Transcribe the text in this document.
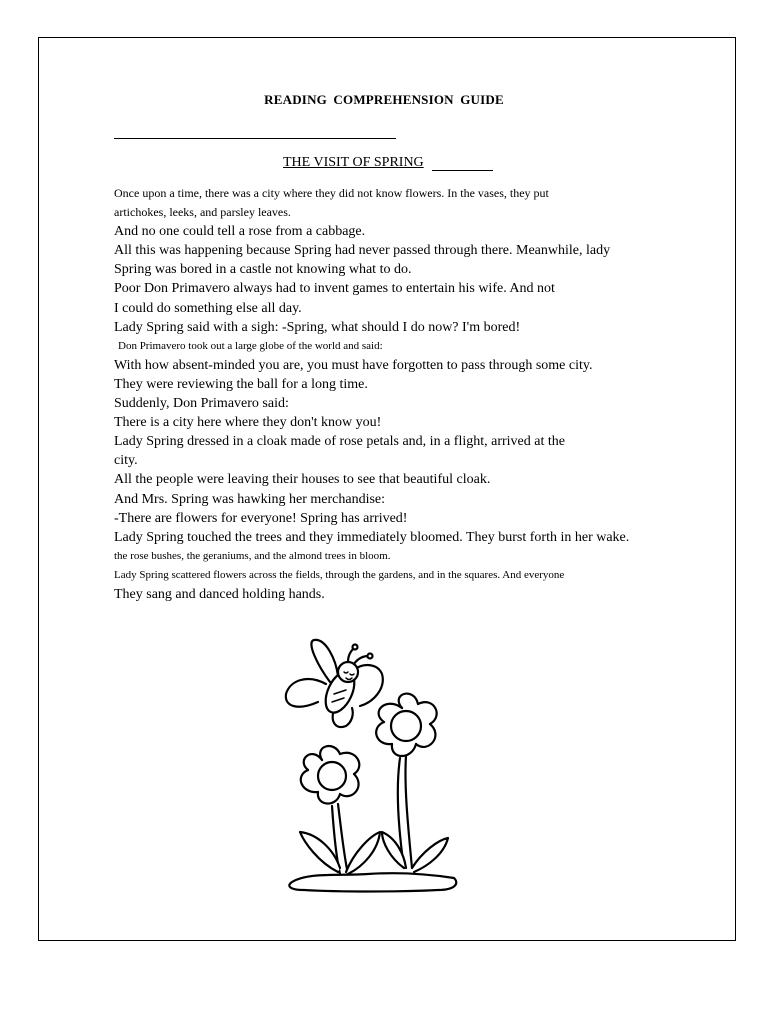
READING COMPREHENSION GUIDE
THE VISIT OF SPRING
Once upon a time, there was a city where they did not know flowers. In the vases, they put
artichokes, leeks, and parsley leaves.
And no one could tell a rose from a cabbage.
All this was happening because Spring had never passed through there. Meanwhile, lady
Spring was bored in a castle not knowing what to do.
Poor Don Primavero always had to invent games to entertain his wife. And not
I could do something else all day.
Lady Spring said with a sigh: -Spring, what should I do now? I'm bored!
Don Primavero took out a large globe of the world and said:
With how absent-minded you are, you must have forgotten to pass through some city.
They were reviewing the ball for a long time.
Suddenly, Don Primavero said:
There is a city here where they don't know you!
Lady Spring dressed in a cloak made of rose petals and, in a flight, arrived at the
city.
All the people were leaving their houses to see that beautiful cloak.
And Mrs. Spring was hawking her merchandise:
-There are flowers for everyone! Spring has arrived!
Lady Spring touched the trees and they immediately bloomed. They burst forth in her wake.
the rose bushes, the geraniums, and the almond trees in bloom.
Lady Spring scattered flowers across the fields, through the gardens, and in the squares. And everyone
They sang and danced holding hands.
